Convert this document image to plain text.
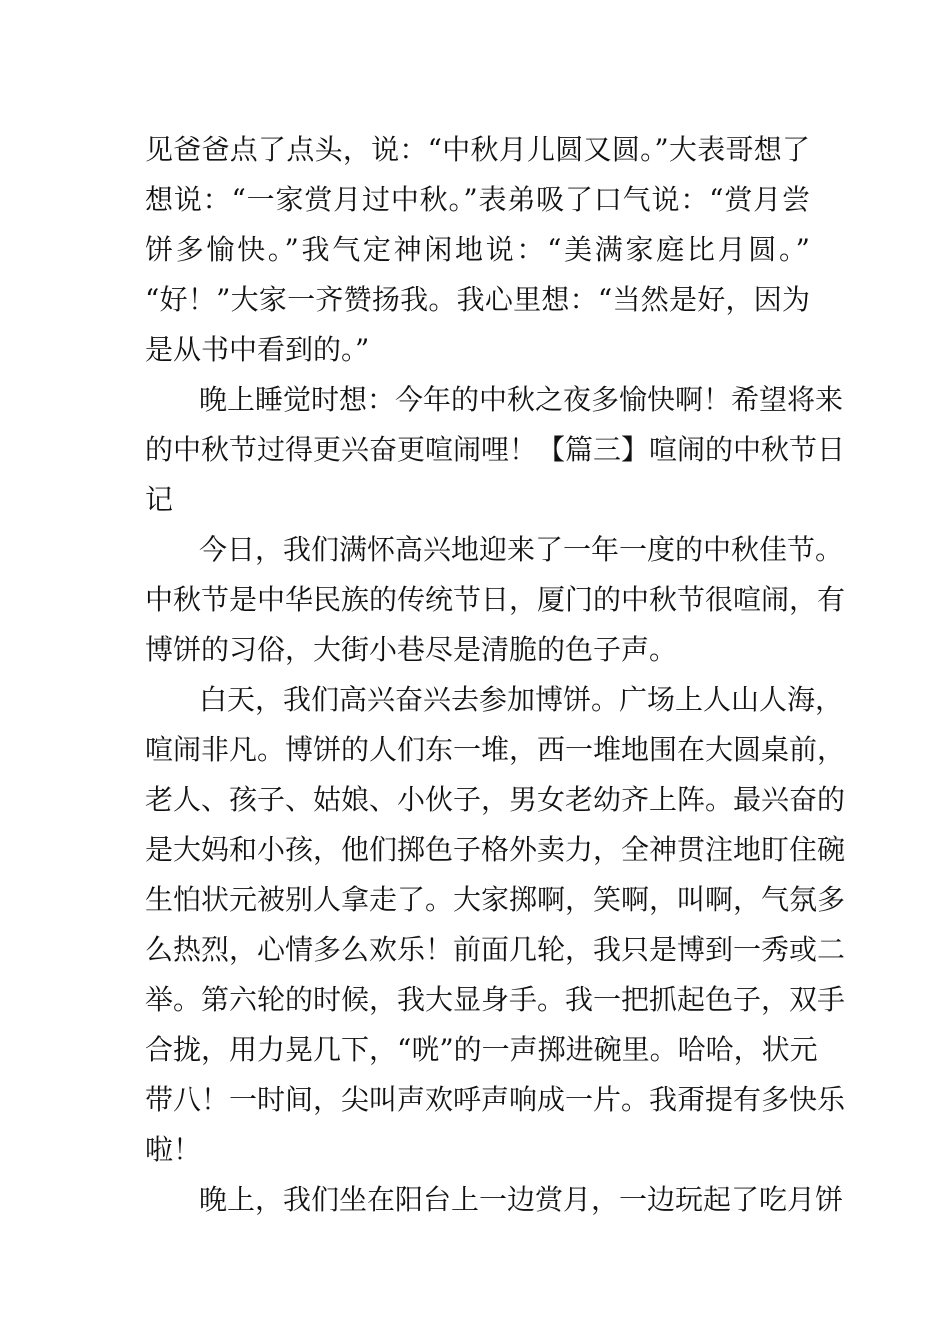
见爸爸点了点头，说：“中秋月儿圆又圆。”大表哥想了
想说：“一家赏月过中秋。”表弟吸了口气说：“赏月尝
饼多愉快。”我气定神闲地说：“美满家庭比月圆。”
“好！”大家一齐赞扬我。我心里想：“当然是好，因为
是从书中看到的。”
晚上睡觉时想：今年的中秋之夜多愉快啊！希望将来
的中秋节过得更兴奋更喧闹哩！【篇三】喧闹的中秋节日
记
今日，我们满怀高兴地迎来了一年一度的中秋佳节。
中秋节是中华民族的传统节日，厦门的中秋节很喧闹，有
博饼的习俗，大街小巷尽是清脆的色子声。
白天，我们高兴奋兴去参加博饼。广场上人山人海，
喧闹非凡。博饼的人们东一堆，西一堆地围在大圆桌前，
老人、孩子、姑娘、小伙子，男女老幼齐上阵。最兴奋的
是大妈和小孩，他们掷色子格外卖力，全神贯注地盯住碗
生怕状元被别人拿走了。大家掷啊，笑啊，叫啊，气氛多
么热烈，心情多么欢乐！前面几轮，我只是博到一秀或二
举。第六轮的时候，我大显身手。我一把抓起色子，双手
合拢，用力晃几下，“咣”的一声掷进碗里。哈哈，状元
带八！一时间，尖叫声欢呼声响成一片。我甭提有多快乐
啦！
晚上，我们坐在阳台上一边赏月，一边玩起了吃月饼
